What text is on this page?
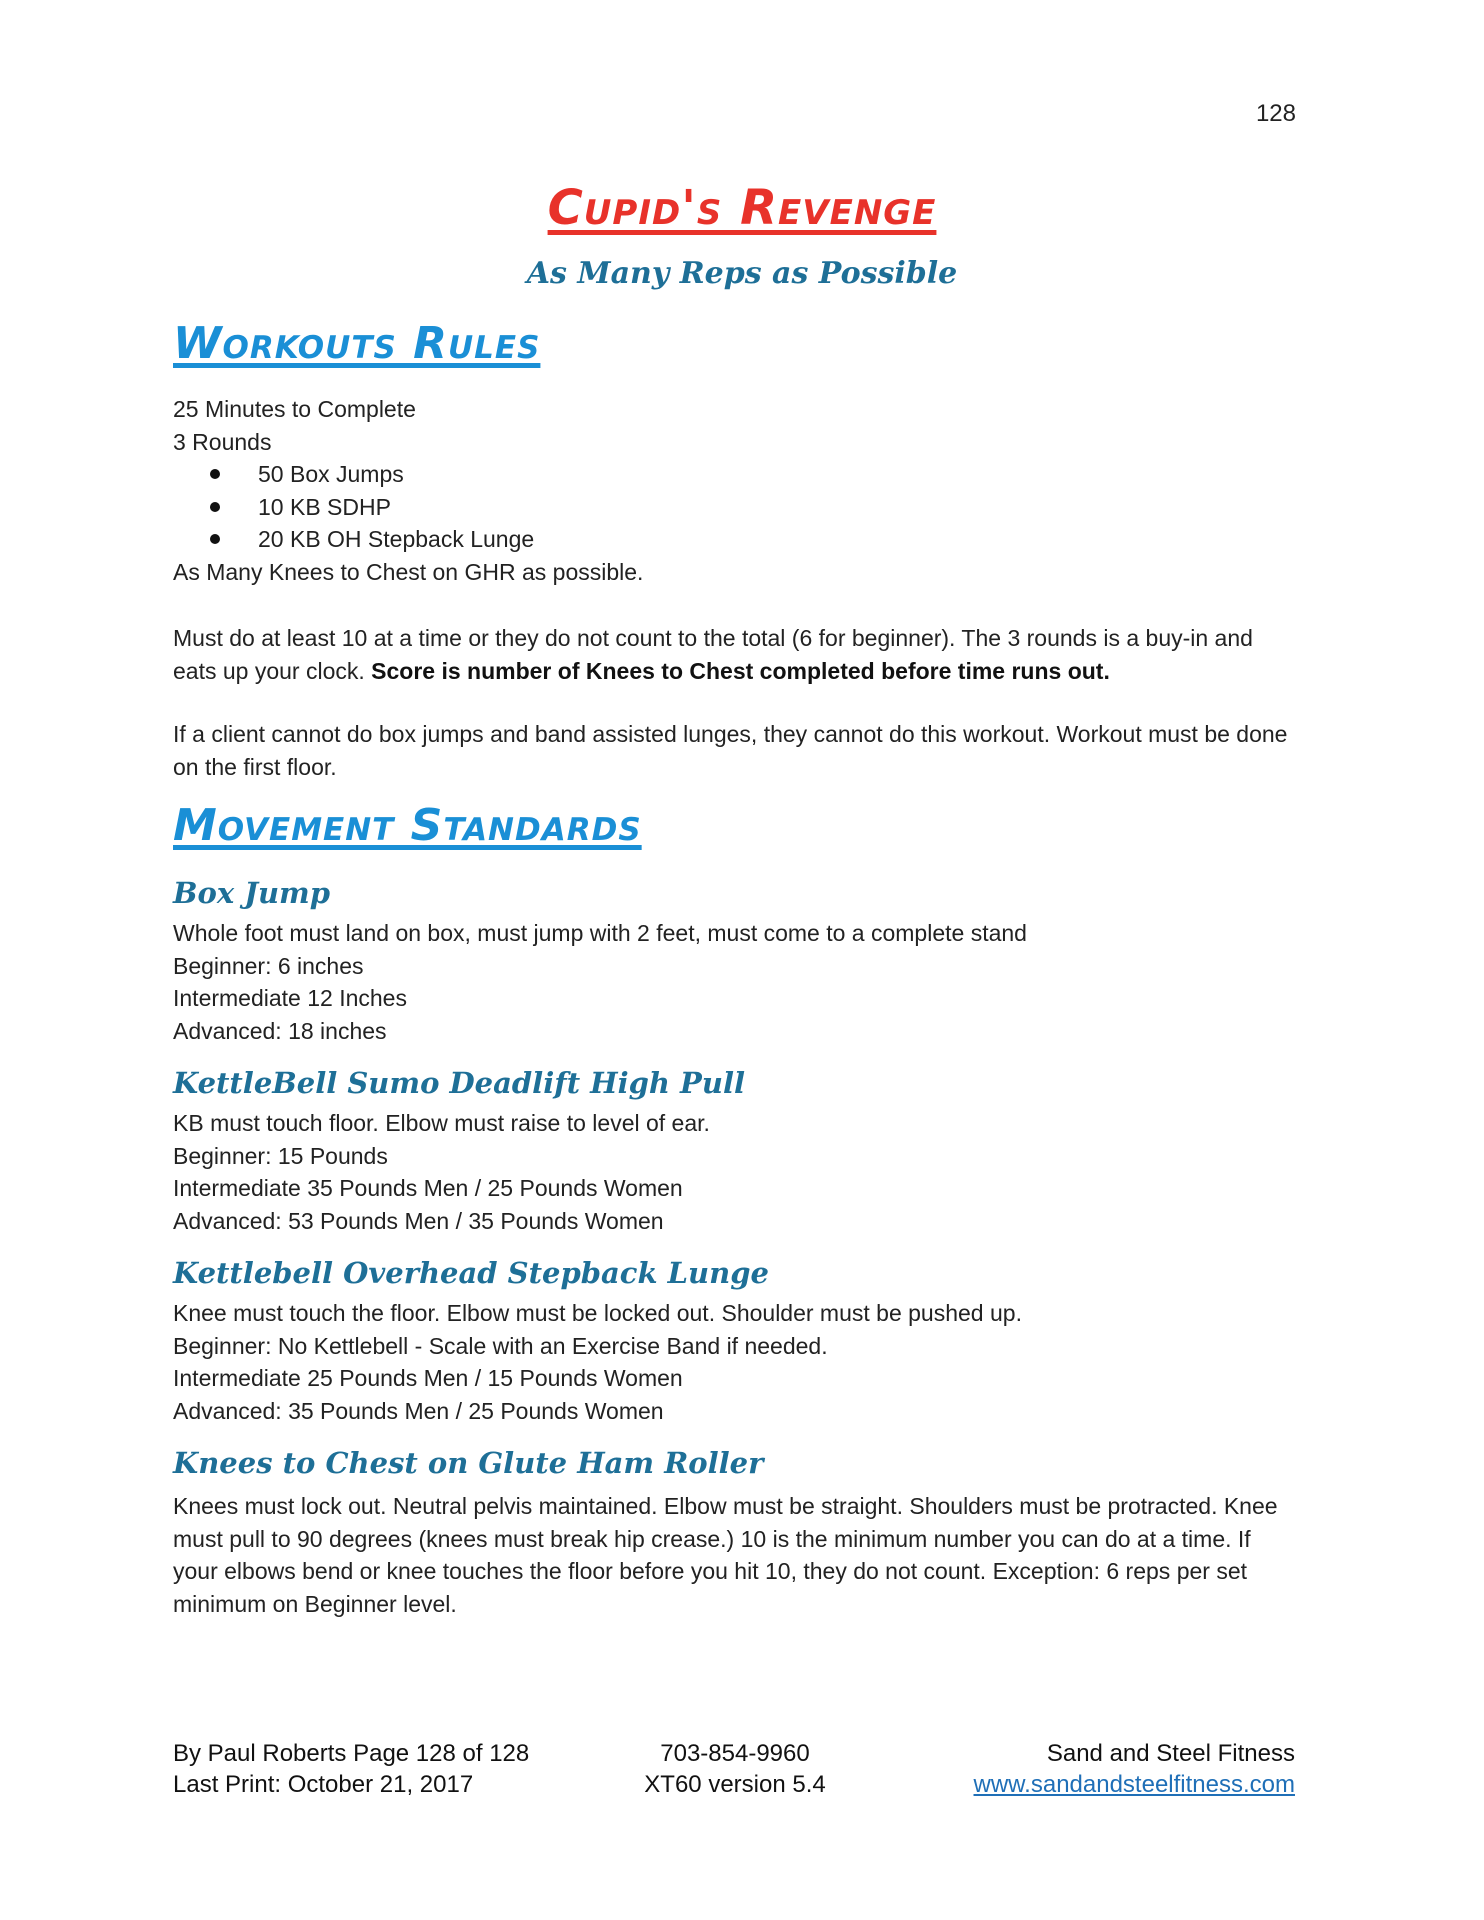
128
Cupid's Revenge
As Many Reps as Possible
Workouts Rules
25 Minutes to Complete
3 Rounds
50 Box Jumps
10 KB SDHP
20 KB OH Stepback Lunge
As Many Knees to Chest on GHR as possible.
Must do at least 10 at a time or they do not count to the total (6 for beginner). The 3 rounds is a buy-in and eats up your clock. Score is number of Knees to Chest completed before time runs out.
If a client cannot do box jumps and band assisted lunges, they cannot do this workout. Workout must be done on the first floor.
Movement Standards
Box Jump
Whole foot must land on box, must jump with 2 feet, must come to a complete stand
Beginner: 6 inches
Intermediate 12 Inches
Advanced: 18 inches
KettleBell Sumo Deadlift High Pull
KB must touch floor. Elbow must raise to level of ear.
Beginner: 15 Pounds
Intermediate 35 Pounds Men / 25 Pounds Women
Advanced: 53 Pounds Men / 35 Pounds Women
Kettlebell Overhead Stepback Lunge
Knee must touch the floor. Elbow must be locked out. Shoulder must be pushed up.
Beginner: No Kettlebell - Scale with an Exercise Band if needed.
Intermediate 25 Pounds Men / 15 Pounds Women
Advanced: 35 Pounds Men / 25 Pounds Women
Knees to Chest on Glute Ham Roller
Knees must lock out. Neutral pelvis maintained. Elbow must be straight. Shoulders must be protracted. Knee must pull to 90 degrees (knees must break hip crease.) 10 is the minimum number you can do at a time. If your elbows bend or knee touches the floor before you hit 10, they do not count. Exception: 6 reps per set minimum on Beginner level.
By Paul Roberts Page 128 of 128
Last Print: October 21, 2017
703-854-9960
XT60 version 5.4
Sand and Steel Fitness
www.sandandsteelfitness.com
